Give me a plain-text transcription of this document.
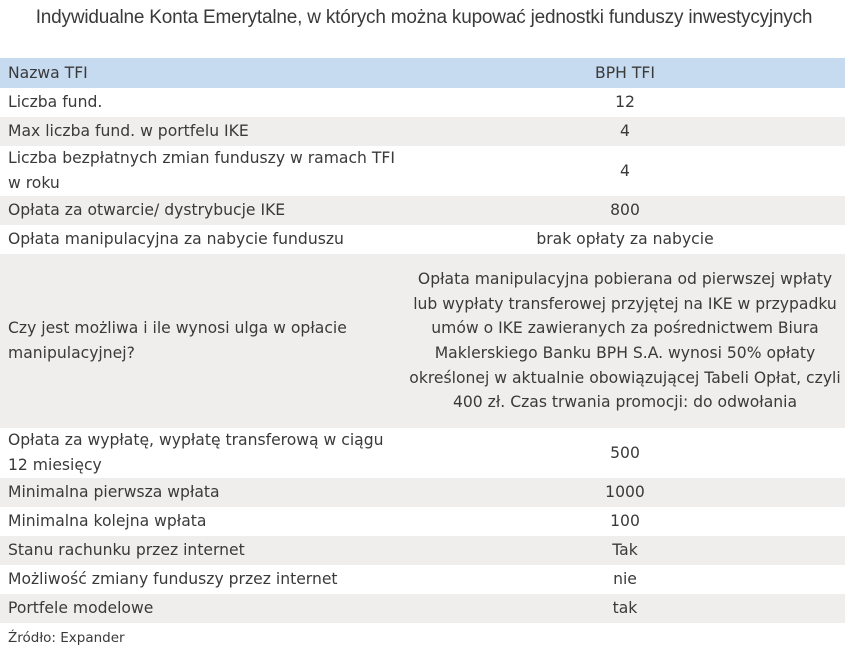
Indywidualne Konta Emerytalne, w których można kupować jednostki funduszy inwestycyjnych
Nazwa TFI	BPH TFI
Liczba fund.	12
Max liczba fund. w portfelu IKE	4
Liczba bezpłatnych zmian funduszy w ramach TFI w roku	4
Opłata za otwarcie/ dystrybucje IKE	800
Opłata manipulacyjna za nabycie funduszu	brak opłaty za nabycie
Czy jest możliwa i ile wynosi ulga w opłacie manipulacyjnej?	Opłata manipulacyjna pobierana od pierwszej wpłaty lub wypłaty transferowej przyjętej na IKE w przypadku umów o IKE zawieranych za pośrednictwem Biura Maklerskiego Banku BPH S.A. wynosi 50% opłaty określonej w aktualnie obowiązującej Tabeli Opłat, czyli 400 zł. Czas trwania promocji: do odwołania
Opłata za wypłatę, wypłatę transferową w ciągu 12 miesięcy	500
Minimalna pierwsza wpłata	1000
Minimalna kolejna wpłata	100
Stanu rachunku przez internet	Tak
Możliwość zmiany funduszy przez internet	nie
Portfele modelowe	tak
Źródło: Expander
